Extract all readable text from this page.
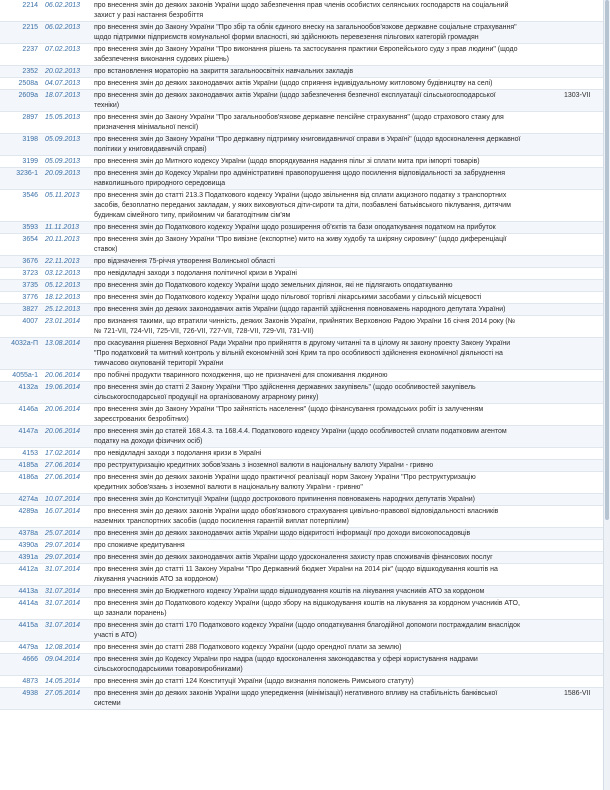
2214 06.02.2013 про внесення змін до деяких законів України щодо забезпечення прав членів особистих селянських господарств на соціальний
захист у разі настання безробіття
2215 06.02.2013 про внесення змін до Закону України "Про збір та облік єдиного внеску на загальнообов'язкове державне соціальне страхування"
щодо підтримки підприємств комунальної форми власності, які здійснюють перевезення пільгових категорій громадян
2237 07.02.2013 про внесення змін до Закону України "Про виконання рішень та застосування практики Європейського суду з прав людини" (щодо
забезпечення виконання судових рішень)
2352 20.02.2013 про встановлення мораторію на закриття загальноосвітніх навчальних закладів
2508а 04.07.2013 про внесення змін до деяких законодавчих актів України (щодо сприяння індивідуальному житловому будівництву на селі)
2609а 18.07.2013 про внесення змін до деяких законодавчих актів України (щодо забезпечення безпечної експлуатації сільськогосподарської
техніки)
1303-VII
2897 15.05.2013 про внесення змін до Закону України "Про загальнообов'язкове державне пенсійне страхування" (щодо страхового стажу для
призначення мінімальної пенсії)
3198 05.09.2013 про внесення змін до Закону України "Про державну підтримку книговидавничої справи в Україні" (щодо вдосконалення державної
політики у книговидавничій справі)
3199 05.09.2013 про внесення змін до Митного кодексу України (щодо впорядкування надання пільг зі сплати мита при імпорті товарів)
3236-1 20.09.2013 про внесення змін до Кодексу України про адміністративні правопорушення щодо посилення відповідальності за забруднення
навколишнього природного середовища
3546 05.11.2013 про внесення змін до статті 213.3 Податкового кодексу України (щодо звільнення від сплати акцизного податку з транспортних
засобів, безоплатно переданих закладам, у яких виховуються діти-сироти та діти, позбавлені батьківського піклування, дитячим
будинкам сімейного типу, прийомним чи багатодітним сім'ям
3593 11.11.2013 про внесення змін до Податкового кодексу України щодо розширення об'єктів та бази оподаткування податком на прибуток
3654 20.11.2013 про внесення змін до Закону України "Про вивізне (експортне) мито на живу худобу та шкіряну сировину" (щодо диференціації
ставок)
3676 22.11.2013 про відзначення 75-річчя утворення Волинської області
3723 03.12.2013 про невідкладні заходи з подолання політичної кризи в Україні
3735 05.12.2013 про внесення змін до Податкового кодексу України щодо земельних ділянок, які не підлягають оподаткуванню
3776 18.12.2013 про внесення змін до Податкового кодексу України щодо пільгової торгівлі лікарськими засобами у сільській місцевості
3827 25.12.2013 про внесення змін до деяких законодавчих актів України (щодо гарантій здійснення повноважень народного депутата України)
4007 23.01.2014 про визнання такими, що втратили чинність, деяких Законів України, прийнятих Верховною Радою України 16 січня 2014 року (№
№ 721-VII, 724-VII, 725-VII, 726-VII, 727-VII, 728-VII, 729-VII, 731-VII)
4032а-П 13.08.2014 про скасування рішення Верховної Ради України про прийняття в другому читанні та в цілому як закону проекту Закону України
"Про податковий та митний контроль у вільній економічній зоні Крим та про особливості здійснення економічної діяльності на
тимчасово окупованій території України
4055а-1 20.06.2014 про побічні продукти тваринного походження, що не призначені для споживання людиною
4132а 19.06.2014 про внесення змін до статті 2 Закону України "Про здійснення державних закупівель" (щодо особливостей закупівель
сільськогосподарської продукції на організованому аграрному ринку)
4146а 20.06.2014 про внесення змін до Закону України "Про зайнятість населення" (щодо фінансування громадських робіт із залученням
зареєстрованих безробітних)
4147а 20.06.2014 про внесення змін до статей 168.4.3. та 168.4.4. Податкового кодексу України (щодо особливостей сплати податковим агентом
податку на доходи фізичних осіб)
4153 17.02.2014 про невідкладні заходи з подолання кризи в Україні
4185а 27.06.2014 про реструктуризацію кредитних зобов'язань з іноземної валюти в національну валюту України - гривню
4186а 27.06.2014 про внесення змін до деяких законів України щодо практичної реалізації норм Закону України "Про реструктуризацію
кредитних зобов'язань з іноземної валюти в національну валюту України - гривню"
4274а 10.07.2014 про внесення змін до Конституції України (щодо дострокового припинення повноважень народних депутатів України)
4289а 16.07.2014 про внесення змін до деяких законів України щодо обов'язкового страхування цивільно-правової відповідальності власників
наземних транспортних засобів (щодо посилення гарантій виплат потерпілим)
4378а 25.07.2014 про внесення змін до деяких законодавчих актів України щодо відкритості інформації про доходи високопосадовців
4390а 29.07.2014 про споживче кредитування
4391а 29.07.2014 про внесення змін до деяких законодавчих актів України щодо удосконалення захисту прав споживачів фінансових послуг
4412а 31.07.2014 про внесення змін до статті 11 Закону України "Про Державний бюджет України на 2014 рік" (щодо відшкодування коштів на
лікування учасників АТО за кордоном)
4413а 31.07.2014 про внесення змін до Бюджетного кодексу України щодо відшкодування коштів на лікування учасників АТО за кордоном
4414а 31.07.2014 про внесення змін до Податкового кодексу України (щодо збору на відшкодування коштів на лікування за кордоном учасників АТО,
що зазнали поранень)
4415а 31.07.2014 про внесення змін до статті 170 Податкового кодексу України (щодо оподаткування благодійної допомоги постраждалим внаслідок
участі в АТО)
4479а 12.08.2014 про внесення змін до статті 288 Податкового кодексу України (щодо орендної плати за землю)
4666 09.04.2014 про внесення змін до Кодексу України про надра (щодо вдосконалення законодавства у сфері користування надрами
сільськогосподарськими товаровиробниками)
4873 14.05.2014 про внесення змін до статті 124 Конституції України (щодо визнання положень Римського статуту)
4938 27.05.2014 про внесення змін до деяких законів України щодо упередження (мінімізації) негативного впливу на стабільність банківської
системи
1586-VII
